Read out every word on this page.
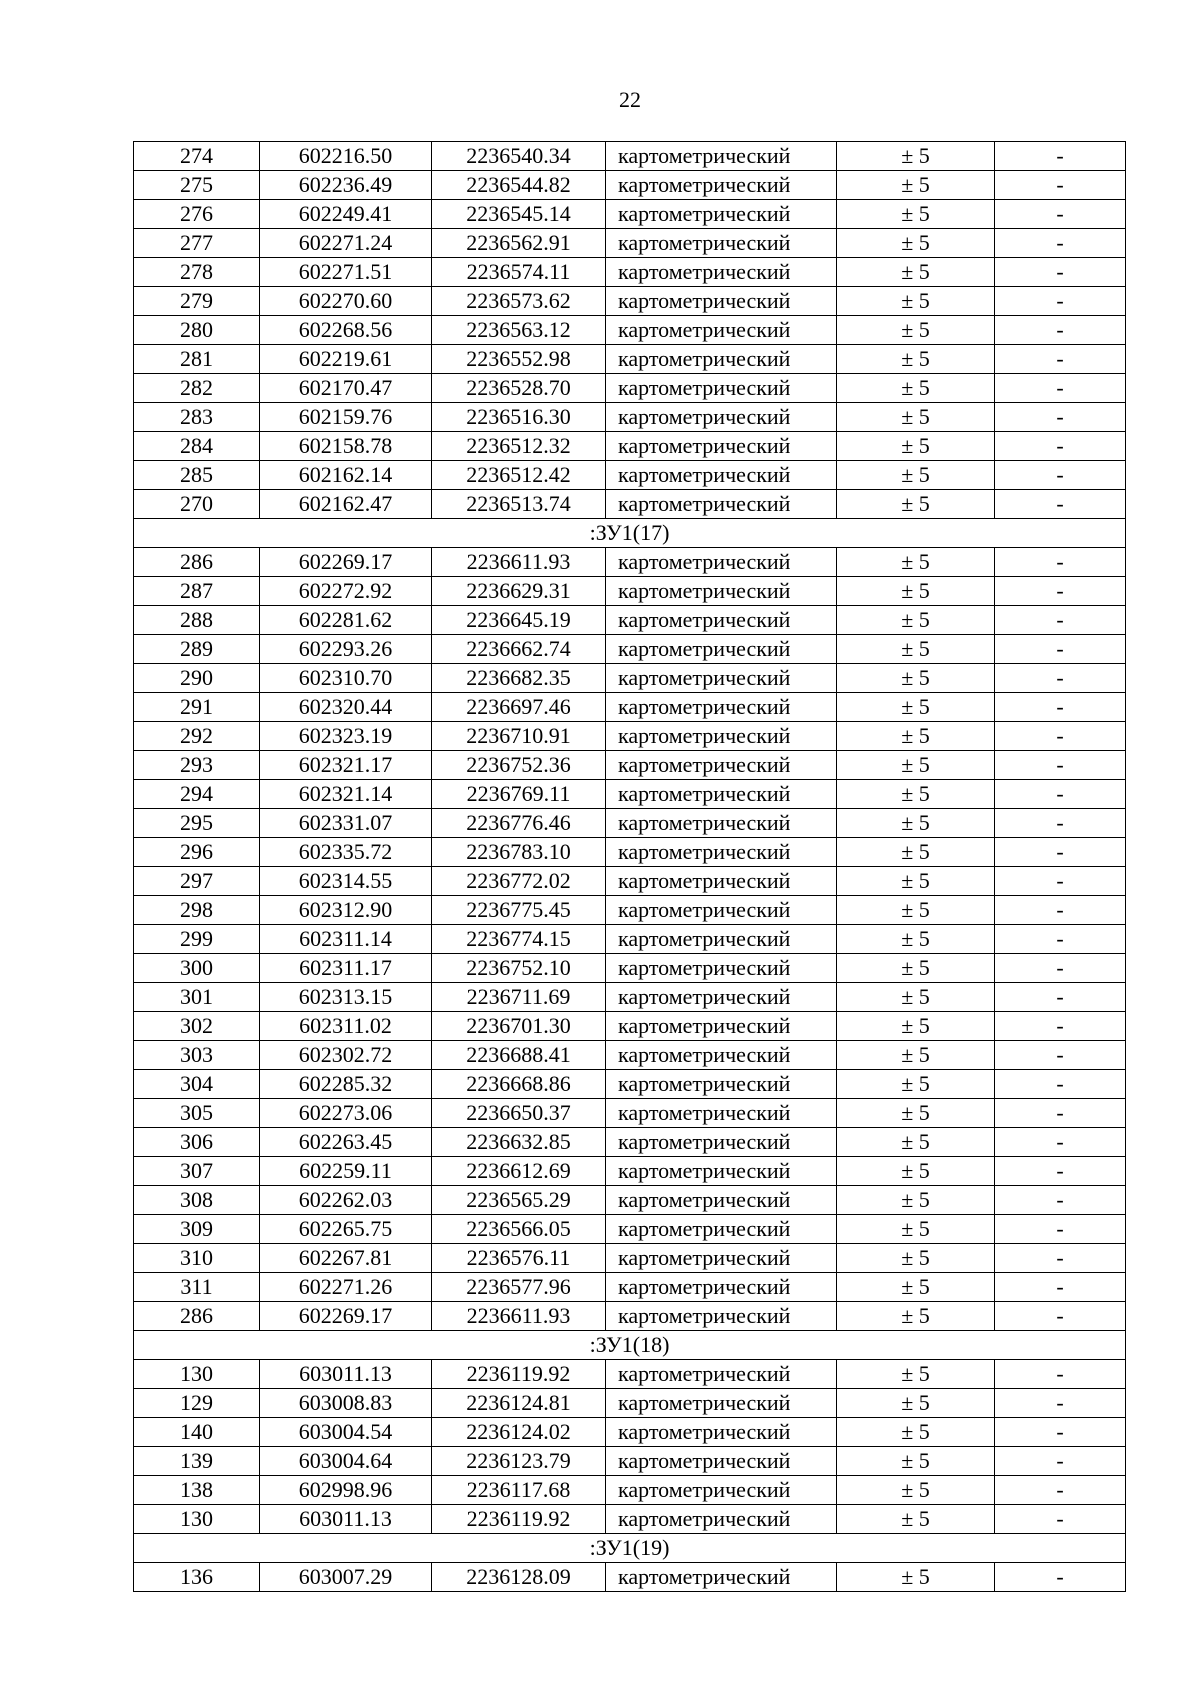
22
274	602216.50	2236540.34	картометрический	± 5	-
275	602236.49	2236544.82	картометрический	± 5	-
276	602249.41	2236545.14	картометрический	± 5	-
277	602271.24	2236562.91	картометрический	± 5	-
278	602271.51	2236574.11	картометрический	± 5	-
279	602270.60	2236573.62	картометрический	± 5	-
280	602268.56	2236563.12	картометрический	± 5	-
281	602219.61	2236552.98	картометрический	± 5	-
282	602170.47	2236528.70	картометрический	± 5	-
283	602159.76	2236516.30	картометрический	± 5	-
284	602158.78	2236512.32	картометрический	± 5	-
285	602162.14	2236512.42	картометрический	± 5	-
270	602162.47	2236513.74	картометрический	± 5	-
:ЗУ1(17)					
286	602269.17	2236611.93	картометрический	± 5	-
287	602272.92	2236629.31	картометрический	± 5	-
288	602281.62	2236645.19	картометрический	± 5	-
289	602293.26	2236662.74	картометрический	± 5	-
290	602310.70	2236682.35	картометрический	± 5	-
291	602320.44	2236697.46	картометрический	± 5	-
292	602323.19	2236710.91	картометрический	± 5	-
293	602321.17	2236752.36	картометрический	± 5	-
294	602321.14	2236769.11	картометрический	± 5	-
295	602331.07	2236776.46	картометрический	± 5	-
296	602335.72	2236783.10	картометрический	± 5	-
297	602314.55	2236772.02	картометрический	± 5	-
298	602312.90	2236775.45	картометрический	± 5	-
299	602311.14	2236774.15	картометрический	± 5	-
300	602311.17	2236752.10	картометрический	± 5	-
301	602313.15	2236711.69	картометрический	± 5	-
302	602311.02	2236701.30	картометрический	± 5	-
303	602302.72	2236688.41	картометрический	± 5	-
304	602285.32	2236668.86	картометрический	± 5	-
305	602273.06	2236650.37	картометрический	± 5	-
306	602263.45	2236632.85	картометрический	± 5	-
307	602259.11	2236612.69	картометрический	± 5	-
308	602262.03	2236565.29	картометрический	± 5	-
309	602265.75	2236566.05	картометрический	± 5	-
310	602267.81	2236576.11	картометрический	± 5	-
311	602271.26	2236577.96	картометрический	± 5	-
286	602269.17	2236611.93	картометрический	± 5	-
:ЗУ1(18)					
130	603011.13	2236119.92	картометрический	± 5	-
129	603008.83	2236124.81	картометрический	± 5	-
140	603004.54	2236124.02	картометрический	± 5	-
139	603004.64	2236123.79	картометрический	± 5	-
138	602998.96	2236117.68	картометрический	± 5	-
130	603011.13	2236119.92	картометрический	± 5	-
:ЗУ1(19)					
136	603007.29	2236128.09	картометрический	± 5	-
